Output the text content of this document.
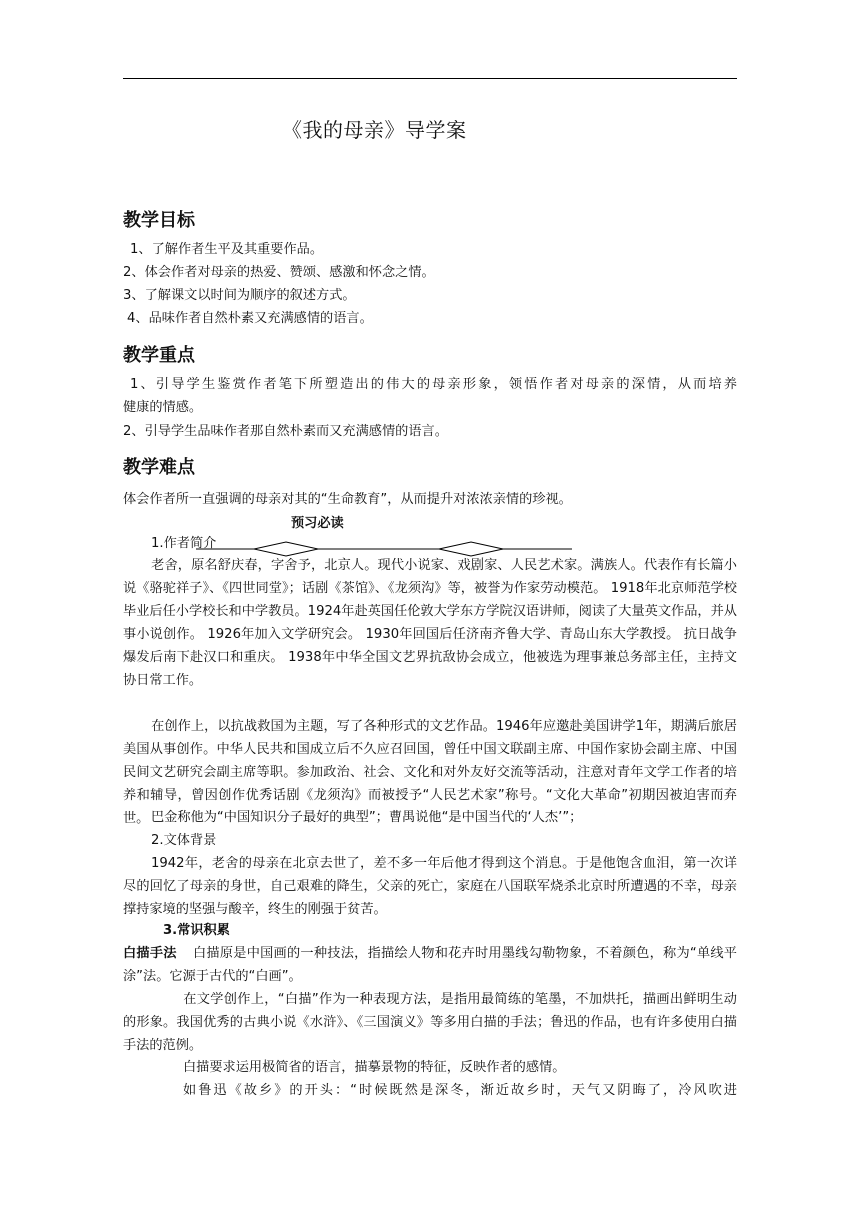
《我的母亲》导学案
教学目标
1、了解作者生平及其重要作品。
2、体会作者对母亲的热爱、赞颂、感激和怀念之情。
3、了解课文以时间为顺序的叙述方式。
4、品味作者自然朴素又充满感情的语言。
教学重点
1、引导学生鉴赏作者笔下所塑造出的伟大的母亲形象，领悟作者对母亲的深情，从而培养
健康的情感。
2、引导学生品味作者那自然朴素而又充满感情的语言。
教学难点
体会作者所一直强调的母亲对其的“生命教育”，从而提升对浓浓亲情的珍视。
预习必读
1.作者简介
老舍，原名舒庆春，字舍予，北京人。现代小说家、戏剧家、人民艺术家。满族人。代表作有长篇小说《骆驼祥子》、《四世同堂》；话剧《茶馆》、《龙须沟》等，被誉为作家劳动模范。 1918年北京师范学校毕业后任小学校长和中学教员。1924年赴英国任伦敦大学东方学院汉语讲师，阅读了大量英文作品，并从事小说创作。 1926年加入文学研究会。 1930年回国后任济南齐鲁大学、青岛山东大学教授。 抗日战争爆发后南下赴汉口和重庆。 1938年中华全国文艺界抗敌协会成立，他被选为理事兼总务部主任，主持文协日常工作。
在创作上，以抗战救国为主题，写了各种形式的文艺作品。1946年应邀赴美国讲学1年，期满后旅居美国从事创作。中华人民共和国成立后不久应召回国，曾任中国文联副主席、中国作家协会副主席、中国民间文艺研究会副主席等职。参加政治、社会、文化和对外友好交流等活动，注意对青年文学工作者的培养和辅导，曾因创作优秀话剧《龙须沟》而被授予“人民艺术家”称号。“文化大革命”初期因被迫害而弃世。 巴金称他为“中国知识分子最好的典型”；曹禺说他“是中国当代的‘人杰’”；
2.文体背景
1942年，老舍的母亲在北京去世了，差不多一年后他才得到这个消息。于是他饱含血泪，第一次详尽的回忆了母亲的身世，自己艰难的降生，父亲的死亡，家庭在八国联军烧杀北京时所遭遇的不幸，母亲撑持家境的坚强与酸辛，终生的刚强于贫苦。
3.常识积累
白描手法 白描原是中国画的一种技法，指描绘人物和花卉时用墨线勾勒物象，不着颜色，称为“单线平涂”法。它源于古代的“白画”。
在文学创作上，“白描”作为一种表现方法，是指用最简练的笔墨，不加烘托，描画出鲜明生动的形象。我国优秀的古典小说《水浒》、《三国演义》等多用白描的手法；鲁迅的作品，也有许多使用白描手法的范例。
白描要求运用极简省的语言，描摹景物的特征，反映作者的感情。
如鲁迅《故乡》的开头：“时候既然是深冬，渐近故乡时，天气又阴晦了，冷风吹进
